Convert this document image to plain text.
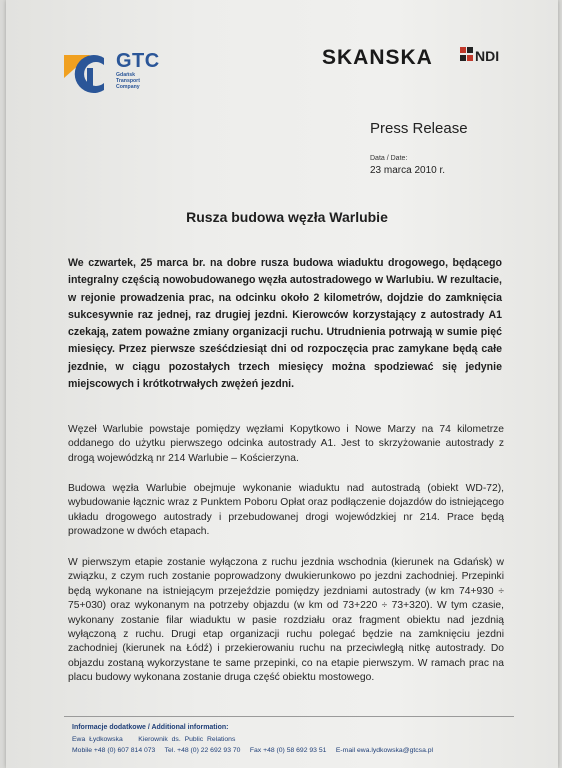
GTC
Gdańsk Transport Company
SKANSKA	NDI
Press Release
Data / Date:
23 marca 2010 r.
Rusza budowa węzła Warlubie
We czwartek, 25 marca br. na dobre rusza budowa wiaduktu drogowego, będącego integralny częścią nowobudowanego węzła autostradowego w Warlubiu. W rezultacie, w rejonie prowadzenia prac, na odcinku około 2 kilometrów, dojdzie do zamknięcia sukcesywnie raz jednej, raz drugiej jezdni. Kierowców korzystający z autostrady A1 czekają, zatem poważne zmiany organizacji ruchu. Utrudnienia potrwają w sumie pięć miesięcy. Przez pierwsze sześćdziesiąt dni od rozpoczęcia prac zamykane będą całe jezdnie, w ciągu pozostałych trzech miesięcy można spodziewać się jedynie miejscowych i krótkotrwałych zwężeń jezdni.
Węzeł Warlubie powstaje pomiędzy węzłami Kopytkowo i Nowe Marzy na 74 kilometrze oddanego do użytku pierwszego odcinka autostrady A1. Jest to skrzyżowanie autostrady z drogą wojewódzką nr 214 Warlubie – Kościerzyna.
Budowa węzła Warlubie obejmuje wykonanie wiaduktu nad autostradą (obiekt WD-72), wybudowanie łącznic wraz z Punktem Poboru Opłat oraz podłączenie dojazdów do istniejącego układu drogowego autostrady i przebudowanej drogi wojewódzkiej nr 214. Prace będą prowadzone w dwóch etapach.
W pierwszym etapie zostanie wyłączona z ruchu jezdnia wschodnia (kierunek na Gdańsk) w związku, z czym ruch zostanie poprowadzony dwukierunkowo po jezdni zachodniej. Przepinki będą wykonane na istniejącym przejeździe pomiędzy jezdniami autostrady (w km 74+930 ÷ 75+030) oraz wykonanym na potrzeby objazdu (w km od 73+220 ÷ 73+320). W tym czasie, wykonany zostanie filar wiaduktu w pasie rozdziału oraz fragment obiektu nad jezdnią wyłączoną z ruchu. Drugi etap organizacji ruchu polegać będzie na zamknięciu jezdni zachodniej (kierunek na Łódź) i przekierowaniu ruchu na przeciwległą nitkę autostrady. Do objazdu zostaną wykorzystane te same przepinki, co na etapie pierwszym. W ramach prac na placu budowy wykonana zostanie druga część obiektu mostowego.
Informacje dodatkowe / Additional information:
Ewa Łydkowska Kierownik ds. Public Relations
Mobile +48 (0) 607 814 073 Tel. +48 (0) 22 692 93 70 Fax +48 (0) 58 692 93 51 E-mail ewa.lydkowska@gtcsa.pl
